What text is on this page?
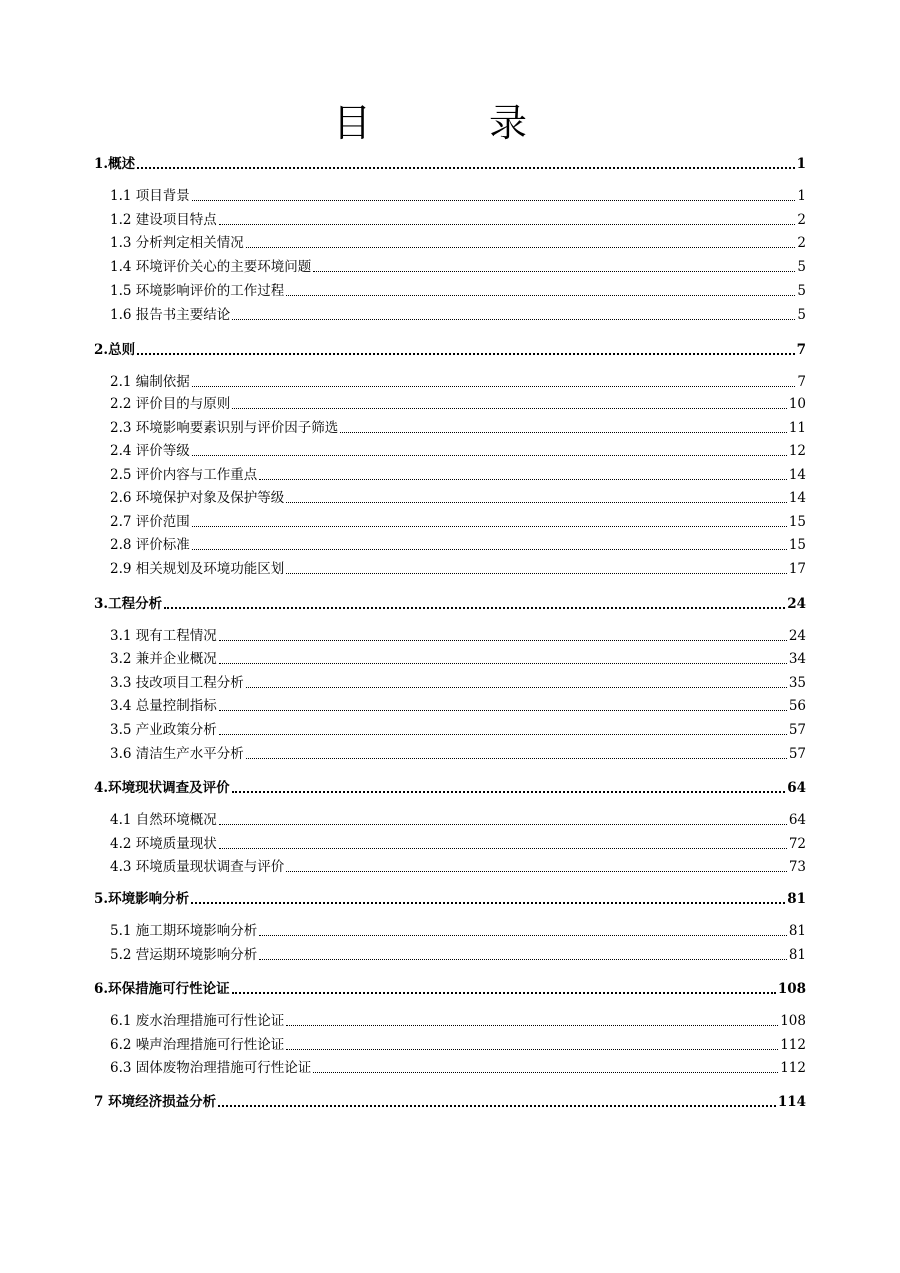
目　录
1.概述	1
1.1 项目背景	1
1.2 建设项目特点	2
1.3 分析判定相关情况	2
1.4 环境评价关心的主要环境问题	5
1.5 环境影响评价的工作过程	5
1.6 报告书主要结论	5
2.总则	7
2.1 编制依据	7
2.2 评价目的与原则	10
2.3 环境影响要素识别与评价因子筛选	11
2.4 评价等级	12
2.5 评价内容与工作重点	14
2.6 环境保护对象及保护等级	14
2.7 评价范围	15
2.8 评价标准	15
2.9 相关规划及环境功能区划	17
3.工程分析	24
3.1 现有工程情况	24
3.2 兼并企业概况	34
3.3 技改项目工程分析	35
3.4 总量控制指标	56
3.5 产业政策分析	57
3.6 清洁生产水平分析	57
4.环境现状调查及评价	64
4.1 自然环境概况	64
4.2 环境质量现状	72
4.3 环境质量现状调查与评价	73
5.环境影响分析	81
5.1 施工期环境影响分析	81
5.2 营运期环境影响分析	81
6.环保措施可行性论证	108
6.1 废水治理措施可行性论证	108
6.2 噪声治理措施可行性论证	112
6.3 固体废物治理措施可行性论证	112
7 环境经济损益分析	114
